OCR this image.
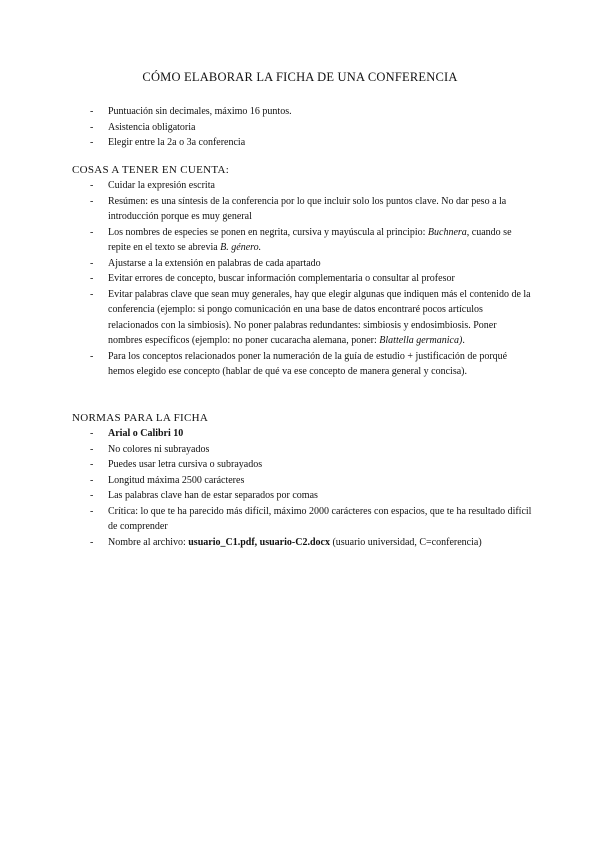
CÓMO ELABORAR LA FICHA DE UNA CONFERENCIA
- Puntuación sin decimales, máximo 16 puntos.
- Asistencia obligatoria
- Elegir entre la 2a o 3a conferencia
COSAS A TENER EN CUENTA:
- Cuidar la expresión escrita
- Resúmen: es una síntesis de la conferencia por lo que incluir solo los puntos clave. No dar peso a la introducción porque es muy general
- Los nombres de especies se ponen en negrita, cursiva y mayúscula al principio: Buchnera, cuando se repite en el texto se abrevia B. género.
- Ajustarse a la extensión en palabras de cada apartado
- Evitar errores de concepto, buscar información complementaria o consultar al profesor
- Evitar palabras clave que sean muy generales, hay que elegir algunas que indiquen más el contenido de la conferencia (ejemplo: si pongo comunicación en una base de datos encontraré pocos artículos relacionados con la simbiosis). No poner palabras redundantes: simbiosis y endosimbiosis. Poner nombres específicos (ejemplo: no poner cucaracha alemana, poner: Blattella germanica).
- Para los conceptos relacionados poner la numeración de la guía de estudio + justificación de porqué hemos elegido ese concepto (hablar de qué va ese concepto de manera general y concisa).
NORMAS PARA LA FICHA
- Arial o Calibri 10
- No colores ni subrayados
- Puedes usar letra cursiva o subrayados
- Longitud máxima 2500 carácteres
- Las palabras clave han de estar separados por comas
- Crítica: lo que te ha parecido más difícil, máximo 2000 carácteres con espacios, que te ha resultado difícil de comprender
- Nombre al archivo: usuario_C1.pdf, usuario-C2.docx (usuario universidad, C=conferencia)
